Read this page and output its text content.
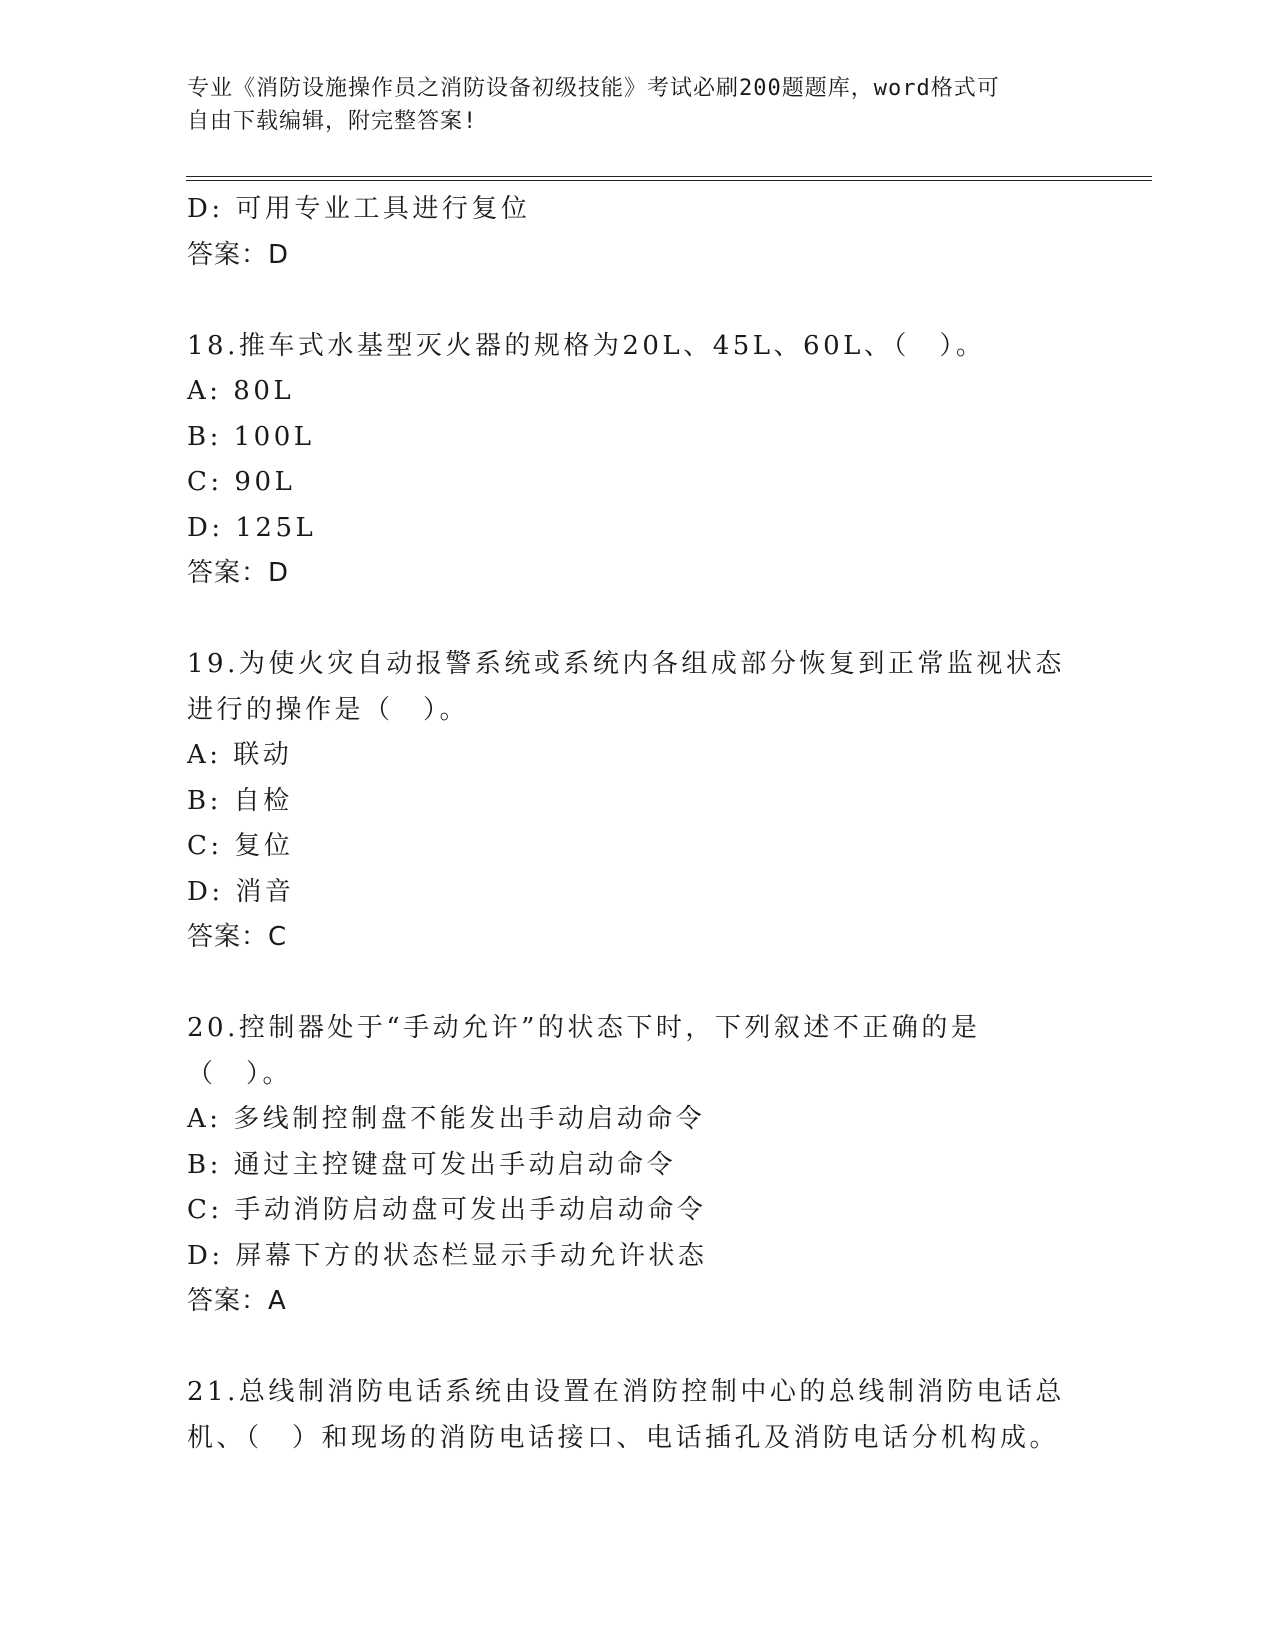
专业《消防设施操作员之消防设备初级技能》考试必刷200题题库，word格式可
自由下载编辑，附完整答案!
D: 可用专业工具进行复位
答案：D
18.推车式水基型灭火器的规格为20L、45L、60L、（　）。
A: 80L
B: 100L
C: 90L
D: 125L
答案：D
19.为使火灾自动报警系统或系统内各组成部分恢复到正常监视状态进行的操作是（　）。
A: 联动
B: 自检
C: 复位
D: 消音
答案：C
20.控制器处于“手动允许”的状态下时，下列叙述不正确的是（　）。
A: 多线制控制盘不能发出手动启动命令
B: 通过主控键盘可发出手动启动命令
C: 手动消防启动盘可发出手动启动命令
D: 屏幕下方的状态栏显示手动允许状态
答案：A
21.总线制消防电话系统由设置在消防控制中心的总线制消防电话总机、（　）和现场的消防电话接口、电话插孔及消防电话分机构成。
